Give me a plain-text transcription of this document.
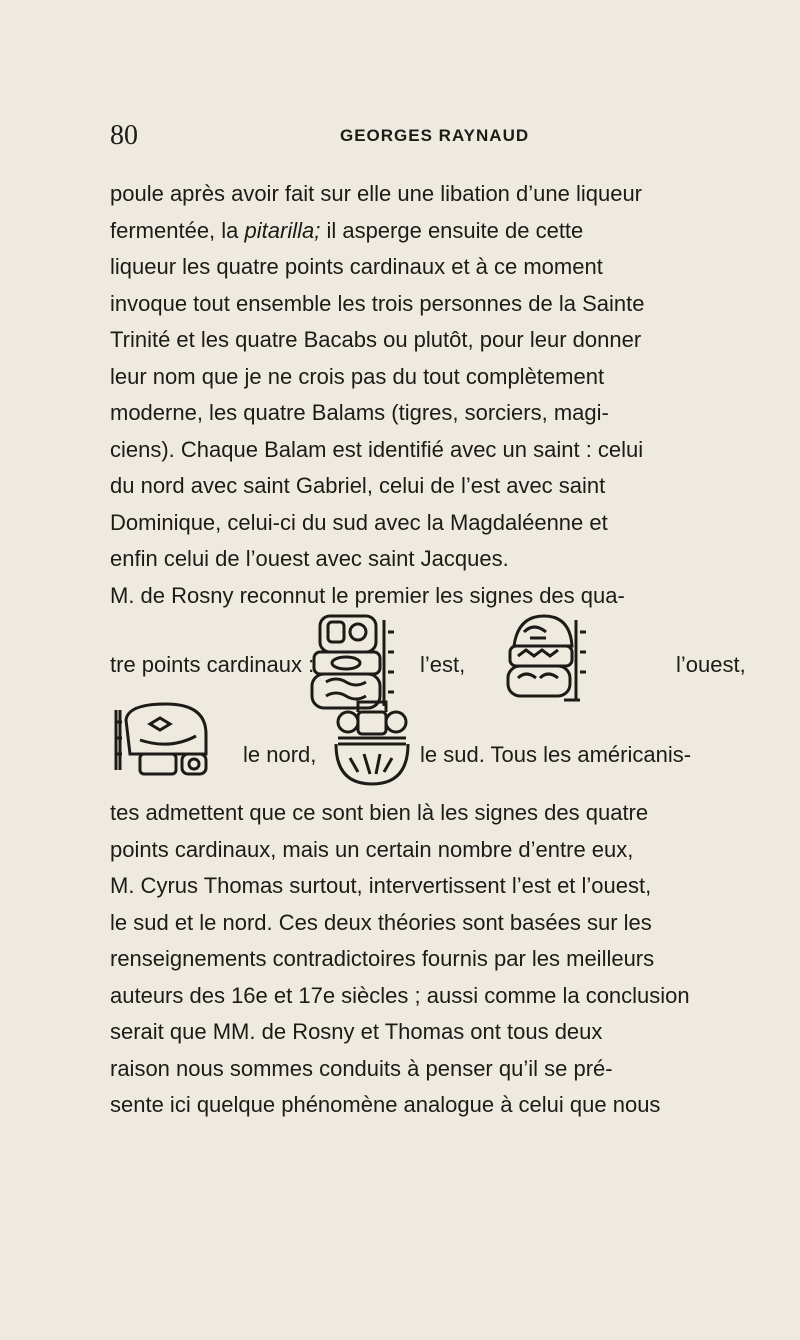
80	GEORGES RAYNAUD
poule après avoir fait sur elle une libation d’une liqueur
fermentée, la pitarilla; il asperge ensuite de cette
liqueur les quatre points cardinaux et à ce moment
invoque tout ensemble les trois personnes de la Sainte
Trinité et les quatre Bacabs ou plutôt, pour leur donner
leur nom que je ne crois pas du tout complètement
moderne, les quatre Balams (tigres, sorciers, magi-
ciens). Chaque Balam est identifié avec un saint : celui
du nord avec saint Gabriel, celui de l’est avec saint
Dominique, celui-ci du sud avec la Magdaléenne et
enfin celui de l’ouest avec saint Jacques.
M. de Rosny reconnut le premier les signes des qua-
tre points cardinaux :	l’est,	l’ouest,
le nord,	le sud. Tous les américanis-
tes admettent que ce sont bien là les signes des quatre
points cardinaux, mais un certain nombre d’entre eux,
M. Cyrus Thomas surtout, intervertissent l’est et l’ouest,
le sud et le nord. Ces deux théories sont basées sur les
renseignements contradictoires fournis par les meilleurs
auteurs des 16e et 17e siècles ; aussi comme la conclusion
serait que MM. de Rosny et Thomas ont tous deux
raison nous sommes conduits à penser qu’il se pré-
sente ici quelque phénomène analogue à celui que nous
